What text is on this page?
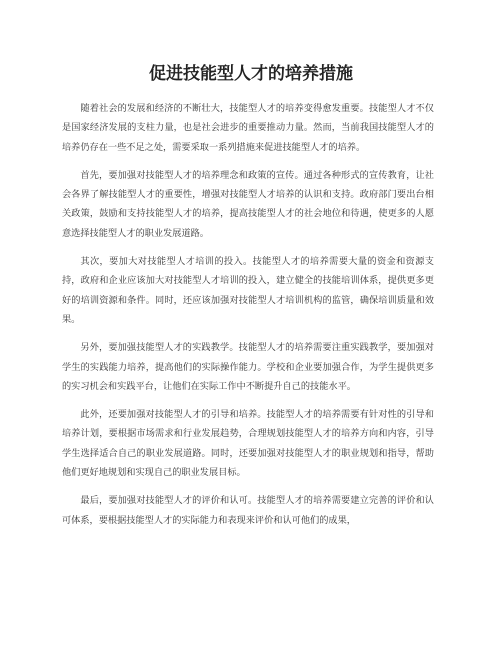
促进技能型人才的培养措施

随着社会的发展和经济的不断壮大，技能型人才的培养变得愈发重要。技能型人才不仅是国家经济发展的支柱力量，也是社会进步的重要推动力量。然而，当前我国技能型人才的培养仍存在一些不足之处，需要采取一系列措施来促进技能型人才的培养。

首先，要加强对技能型人才的培养理念和政策的宣传。通过各种形式的宣传教育，让社会各界了解技能型人才的重要性，增强对技能型人才培养的认识和支持。政府部门要出台相关政策，鼓励和支持技能型人才的培养，提高技能型人才的社会地位和待遇，使更多的人愿意选择技能型人才的职业发展道路。

其次，要加大对技能型人才培训的投入。技能型人才的培养需要大量的资金和资源支持，政府和企业应该加大对技能型人才培训的投入，建立健全的技能培训体系，提供更多更好的培训资源和条件。同时，还应该加强对技能型人才培训机构的监管，确保培训质量和效果。

另外，要加强技能型人才的实践教学。技能型人才的培养需要注重实践教学，要加强对学生的实践能力培养，提高他们的实际操作能力。学校和企业要加强合作，为学生提供更多的实习机会和实践平台，让他们在实际工作中不断提升自己的技能水平。

此外，还要加强对技能型人才的引导和培养。技能型人才的培养需要有针对性的引导和培养计划，要根据市场需求和行业发展趋势，合理规划技能型人才的培养方向和内容，引导学生选择适合自己的职业发展道路。同时，还要加强对技能型人才的职业规划和指导，帮助他们更好地规划和实现自己的职业发展目标。

最后，要加强对技能型人才的评价和认可。技能型人才的培养需要建立完善的评价和认可体系，要根据技能型人才的实际能力和表现来评价和认可他们的成果，
